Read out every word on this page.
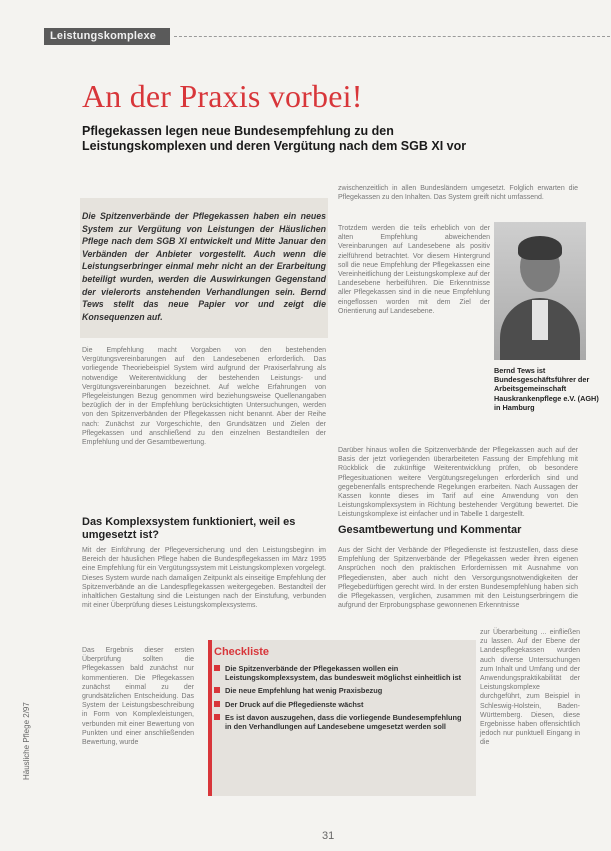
Leistungskomplexe
An der Praxis vorbei!
Pflegekassen legen neue Bundesempfehlung zu den Leistungskomplexen und deren Vergütung nach dem SGB XI vor
Die Spitzenverbände der Pflegekassen haben ein neues System zur Vergütung von Leistungen der Häuslichen Pflege nach dem SGB XI entwickelt und Mitte Januar den Verbänden der Anbieter vorgestellt. Auch wenn die Leistungserbringer einmal mehr nicht an der Erarbeitung beteiligt wurden, werden die Auswirkungen Gegenstand der vielerorts anstehenden Verhandlungen sein. Bernd Tews stellt das neue Papier vor und zeigt die Konsequenzen auf.
Die Empfehlung macht Vorgaben von den bestehenden Vergütungsvereinbarungen auf den Landesebenen erforderlich. Das vorliegende Theoriebeispiel System wird aufgrund der Praxiserfahrung als notwendige Weiterentwicklung der bestehenden Leistungs- und Vergütungsvereinbarungen bezeichnet. Auf welche Erfahrungen von Pflegeleistungen Bezug genommen wird beziehungsweise Quellenangaben bezüglich der in der Empfehlung berücksichtigten Untersuchungen, werden von den Spitzenverbänden der Pflegekassen nicht benannt. Aber der Reihe nach: Zunächst zur Vorgeschichte, den Grundsätzen und Zielen der Pflegekassen und anschließend zu den einzelnen Bestandteilen der Empfehlung und der Gesamtbewertung.
Das Komplexsystem funktioniert, weil es umgesetzt ist?
Mit der Einführung der Pflegeversicherung und den Leistungsbeginn im Bereich der häuslichen Pflege haben die Bundespflegekassen im März 1995 eine Empfehlung für ein Vergütungssystem mit Leistungskomplexen vorgelegt. Dieses System wurde nach damaligen Zeitpunkt als einseitige Empfehlung der Spitzenverbände an die Landespflegekassen weitergegeben. Bestandteil der inhaltlichen Gestaltung sind die Leistungen nach der Einstufung, verbunden mit einer Überprüfung dieses Leistungskomplexsystems.
Das Ergebnis dieser ersten Überprüfung sollten die Pflegekassen bald zunächst nur kommentieren. Die Pflegekassen zunächst einmal zu der grundsätzlichen Entscheidung. Das System der Leistungsbeschreibung in Form von Komplexleistungen, verbunden mit einer Bewertung von Punkten und einer anschließenden Bewertung, wurde
zwischenzeitlich in allen Bundesländern umgesetzt. Folglich erwarten die Pflegekassen zu den Inhalten. Das System greift nicht umfassend.
Trotzdem werden die teils erheblich von der alten Empfehlung abweichenden Vereinbarungen auf Landesebene als positiv zielführend betrachtet. Vor diesem Hintergrund soll die neue Empfehlung der Pflegekassen eine Vereinheitlichung der Leistungskomplexe auf der Landesebene herbeiführen. Die Erkenntnisse aller Pflegekassen sind in die neue Empfehlung eingeflossen worden mit dem Ziel der Orientierung auf Landesebene.
Bernd Tews ist Bundesgeschäftsführer der Arbeitsgemeinschaft Hauskrankenpflege e.V. (AGH) in Hamburg
Darüber hinaus wollen die Spitzenverbände der Pflegekassen auch auf der Basis der jetzt vorliegenden überarbeiteten Fassung der Empfehlung mit Rückblick die zukünftige Weiterentwicklung prüfen, ob besondere Pflegesituationen weitere Vergütungsregelungen erforderlich sind und gegebenenfalls entsprechende Regelungen erarbeiten. Nach Aussagen der Kassen konnte dieses im Tarif auf eine Anwendung von den Leistungskomplexsystem in Richtung bestehender Vergütung bewertet. Die Leistungskomplexe ist einfacher und in Tabelle 1 dargestellt.
Gesamtbewertung und Kommentar
Aus der Sicht der Verbände der Pflegedienste ist festzustellen, dass diese Empfehlung der Spitzenverbände der Pflegekassen weder ihren eigenen Ansprüchen noch den praktischen Erfordernissen mit Ausnahme von Pflegediensten, aber auch nicht den Versorgungsnotwendigkeiten der Pflegebedürftigen gerecht wird. In der ersten Bundesempfehlung haben sich die Pflegekassen, verglichen, zusammen mit den Leistungserbringern die aufgrund der Erprobungsphase gewonnenen Erkenntnisse
zur Überarbeitung ... einfließen zu lassen. Auf der Ebene der Landespflegekassen wurden auch diverse Untersuchungen zum Inhalt und Umfang und der Anwendungspraktikabilität der Leistungskomplexe durchgeführt, zum Beispiel in Schleswig-Holstein, Baden-Württemberg. Diesen, diese Ergebnisse haben offensichtlich jedoch nur punktuell Eingang in die
Checkliste
Die Spitzenverbände der Pflegekassen wollen ein Leistungskomplexsystem, das bundesweit möglichst einheitlich ist
Die neue Empfehlung hat wenig Praxisbezug
Der Druck auf die Pflegedienste wächst
Es ist davon auszugehen, dass die vorliegende Bundesempfehlung in den Verhandlungen auf Landesebene umgesetzt werden soll
Häusliche Pflege 2/97
31
